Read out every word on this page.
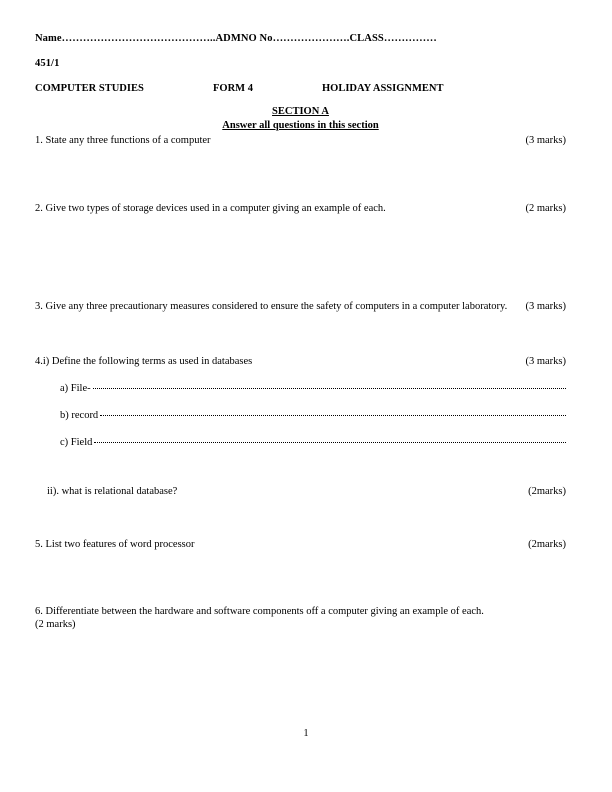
Name……………………………………..ADMNO No………………….CLASS……………
451/1
COMPUTER STUDIES	FORM 4	HOLIDAY ASSIGNMENT
SECTION A
Answer all questions in this section
1. State any three functions of a computer	(3 marks)
2. Give two types of storage devices used in a computer giving an example of each.	(2 marks)
3. Give any three precautionary measures considered to ensure the safety of computers in a computer laboratory.	(3 marks)
4.i) Define the following terms as used in databases	(3 marks)
a) File-
b) record
c) Field
ii). what is relational database?	(2marks)
5. List two features of word processor	(2marks)
6. Differentiate between the hardware and software components off a computer giving an example of each.
(2 marks)
1
